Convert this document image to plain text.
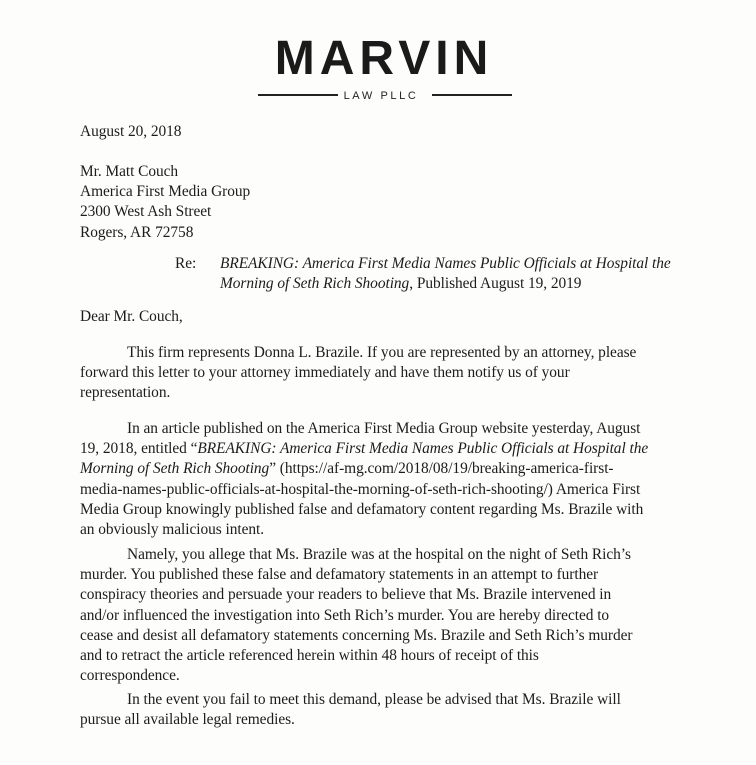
MARVIN
LAW PLLC
August 20, 2018
Mr. Matt Couch
America First Media Group
2300 West Ash Street
Rogers, AR 72758
Re: BREAKING: America First Media Names Public Officials at Hospital the
Morning of Seth Rich Shooting, Published August 19, 2019
Dear Mr. Couch,
This firm represents Donna L. Brazile. If you are represented by an attorney, please
forward this letter to your attorney immediately and have them notify us of your
representation.
In an article published on the America First Media Group website yesterday, August
19, 2018, entitled “BREAKING: America First Media Names Public Officials at Hospital the
Morning of Seth Rich Shooting” (https://af-mg.com/2018/08/19/breaking-america-first-
media-names-public-officials-at-hospital-the-morning-of-seth-rich-shooting/) America First
Media Group knowingly published false and defamatory content regarding Ms. Brazile with
an obviously malicious intent.
Namely, you allege that Ms. Brazile was at the hospital on the night of Seth Rich’s
murder. You published these false and defamatory statements in an attempt to further
conspiracy theories and persuade your readers to believe that Ms. Brazile intervened in
and/or influenced the investigation into Seth Rich’s murder. You are hereby directed to
cease and desist all defamatory statements concerning Ms. Brazile and Seth Rich’s murder
and to retract the article referenced herein within 48 hours of receipt of this
correspondence.
In the event you fail to meet this demand, please be advised that Ms. Brazile will
pursue all available legal remedies.
